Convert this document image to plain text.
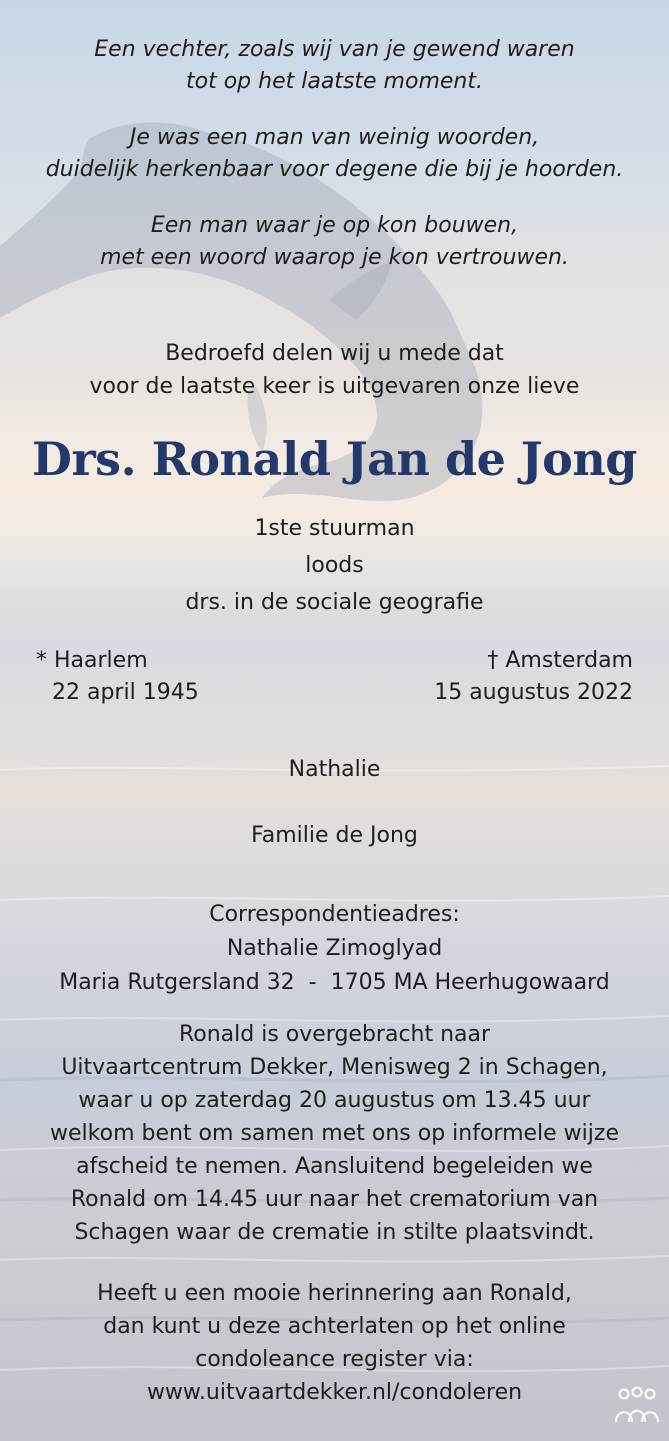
Een vechter, zoals wij van je gewend waren
tot op het laatste moment.
Je was een man van weinig woorden,
duidelijk herkenbaar voor degene die bij je hoorden.
Een man waar je op kon bouwen,
met een woord waarop je kon vertrouwen.
Bedroefd delen wij u mede dat
voor de laatste keer is uitgevaren onze lieve
Drs. Ronald Jan de Jong
1ste stuurman
loods
drs. in de sociale geografie
* Haarlem
22 april 1945
† Amsterdam
15 augustus 2022
Nathalie
Familie de Jong
Correspondentieadres:
Nathalie Zimoglyad
Maria Rutgersland 32  -  1705 MA Heerhugowaard
Ronald is overgebracht naar
Uitvaartcentrum Dekker, Menisweg 2 in Schagen,
waar u op zaterdag 20 augustus om 13.45 uur
welkom bent om samen met ons op informele wijze
afscheid te nemen. Aansluitend begeleiden we
Ronald om 14.45 uur naar het crematorium van
Schagen waar de crematie in stilte plaatsvindt.
Heeft u een mooie herinnering aan Ronald,
dan kunt u deze achterlaten op het online
condoleance register via:
www.uitvaartdekker.nl/condoleren
